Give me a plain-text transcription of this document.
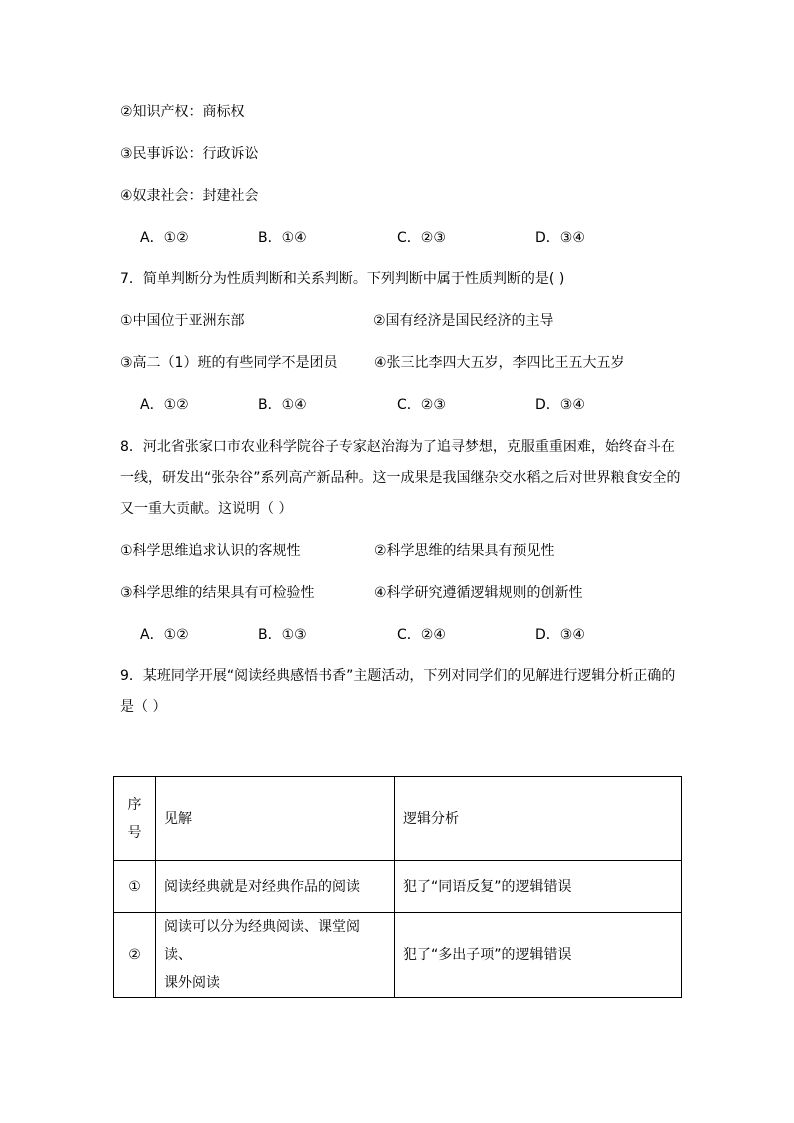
②知识产权：商标权
③民事诉讼：行政诉讼
④奴隶社会：封建社会
A．①②	B．①④	C．②③	D．③④
7．简单判断分为性质判断和关系判断。下列判断中属于性质判断的是( )
①中国位于亚洲东部	②国有经济是国民经济的主导
③高二（1）班的有些同学不是团员	④张三比李四大五岁，李四比王五大五岁
A．①②	B．①④	C．②③	D．③④
8．河北省张家口市农业科学院谷子专家赵治海为了追寻梦想，克服重重困难，始终奋斗在
一线，研发出“张杂谷”系列高产新品种。这一成果是我国继杂交水稻之后对世界粮食安全的
又一重大贡献。这说明（ ）
①科学思维追求认识的客规性	②科学思维的结果具有预见性
③科学思维的结果具有可检验性	④科学研究遵循逻辑规则的创新性
A．①②	B．①③	C．②④	D．③④
9．某班同学开展“阅读经典感悟书香”主题活动，下列对同学们的见解进行逻辑分析正确的
是（ ）
序
号	见解	逻辑分析
①	阅读经典就是对经典作品的阅读	犯了“同语反复”的逻辑错误
②	阅读可以分为经典阅读、课堂阅读、
课外阅读	犯了“多出子项”的逻辑错误
